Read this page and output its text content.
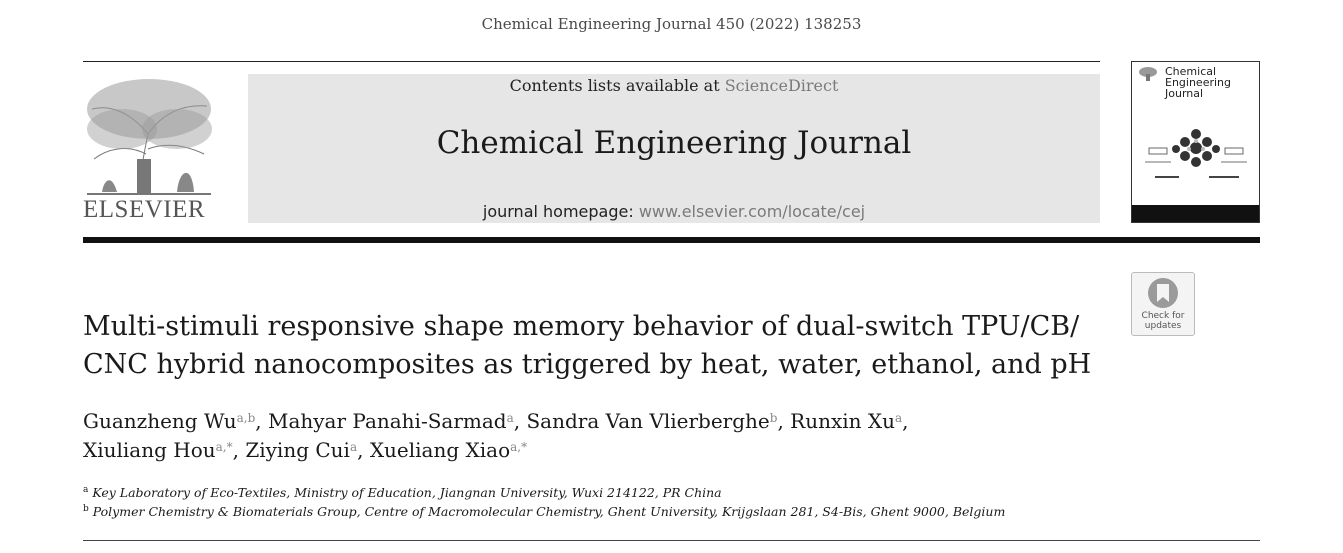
Chemical Engineering Journal 450 (2022) 138253
ELSEVIER
Contents lists available at ScienceDirect
Chemical Engineering Journal
journal homepage: www.elsevier.com/locate/cej
Chemical
Engineering
Journal
Check for
updates
Multi-stimuli responsive shape memory behavior of dual-switch TPU/CB/
CNC hybrid nanocomposites as triggered by heat, water, ethanol, and pH
Guanzheng Wu$^{a,b}$, Mahyar Panahi-Sarmad$^a$, Sandra Van Vlierberghe$^b$, Runxin Xu$^a$,
Xiuliang Hou$^{a,*}$, Ziying Cui$^a$, Xueliang Xiao$^{a,*}$
$^a$ Key Laboratory of Eco-Textiles, Ministry of Education, Jiangnan University, Wuxi 214122, PR China
$^b$ Polymer Chemistry & Biomaterials Group, Centre of Macromolecular Chemistry, Ghent University, Krijgslaan 281, S4-Bis, Ghent 9000, Belgium
